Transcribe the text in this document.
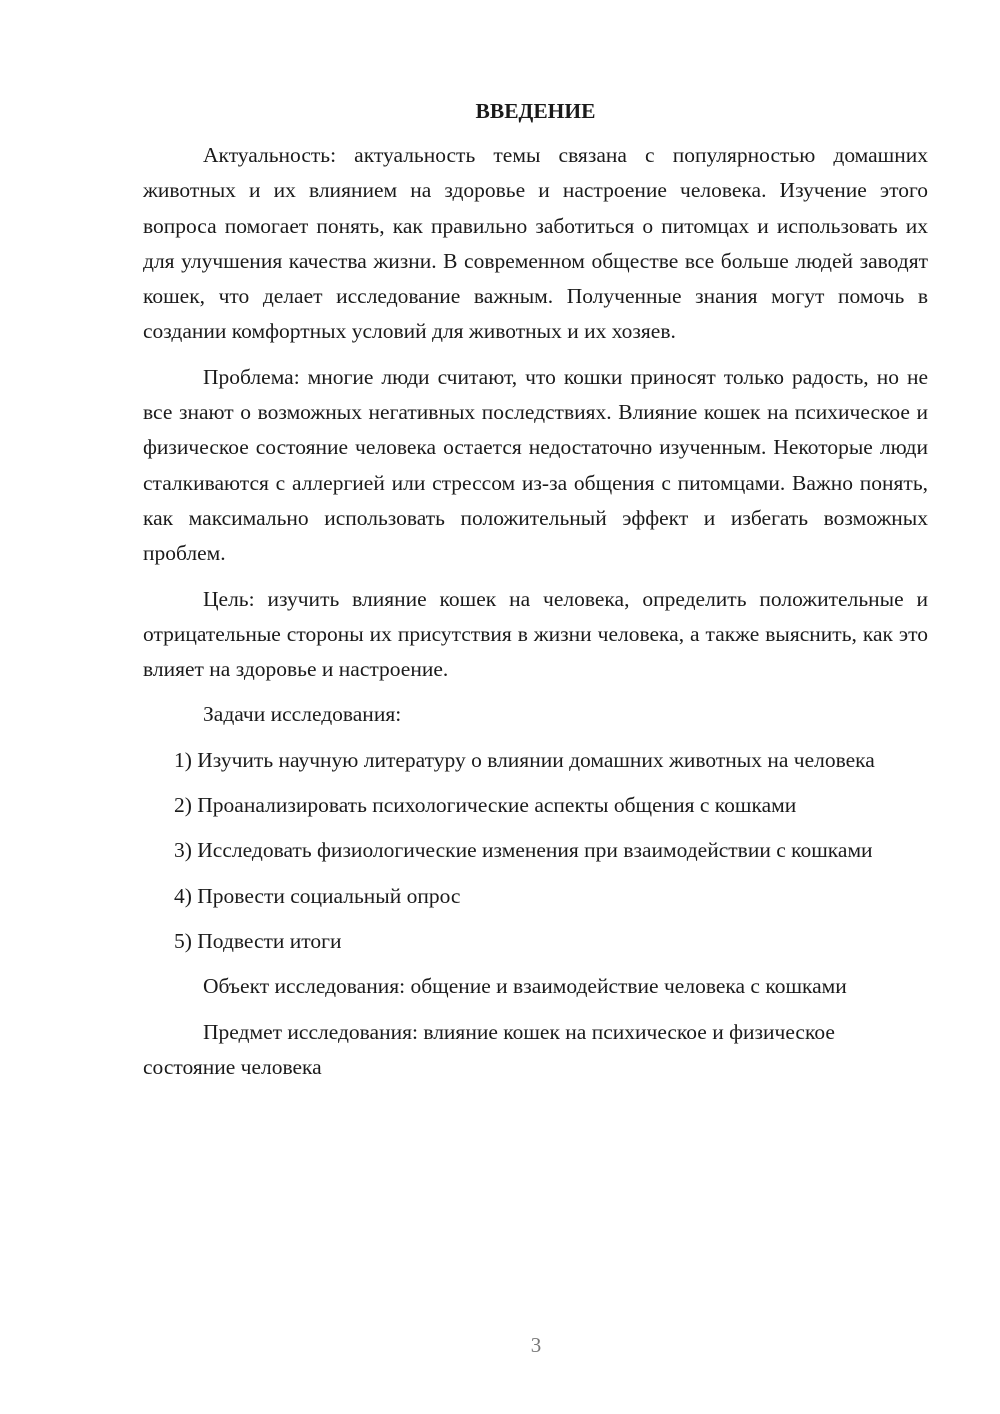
ВВЕДЕНИЕ

Актуальность: актуальность темы связана с популярностью домашних животных и их влиянием на здоровье и настроение человека. Изучение этого вопроса помогает понять, как правильно заботиться о питомцах и использовать их для улучшения качества жизни. В современном обществе все больше людей заводят кошек, что делает исследование важным. Полученные знания могут помочь в создании комфортных условий для животных и их хозяев.

Проблема: многие люди считают, что кошки приносят только радость, но не все знают о возможных негативных последствиях. Влияние кошек на психическое и физическое состояние человека остается недостаточно изученным. Некоторые люди сталкиваются с аллергией или стрессом из-за общения с питомцами. Важно понять, как максимально использовать положительный эффект и избегать возможных проблем.

Цель: изучить влияние кошек на человека, определить положительные и отрицательные стороны их присутствия в жизни человека, а также выяснить, как это влияет на здоровье и настроение.

Задачи исследования:

1) Изучить научную литературу о влиянии домашних животных на человека

2) Проанализировать психологические аспекты общения с кошками

3) Исследовать физиологические изменения при взаимодействии с кошками

4) Провести социальный опрос

5) Подвести итоги

Объект исследования: общение и взаимодействие человека с кошками

Предмет исследования: влияние кошек на психическое и физическое состояние человека

3
